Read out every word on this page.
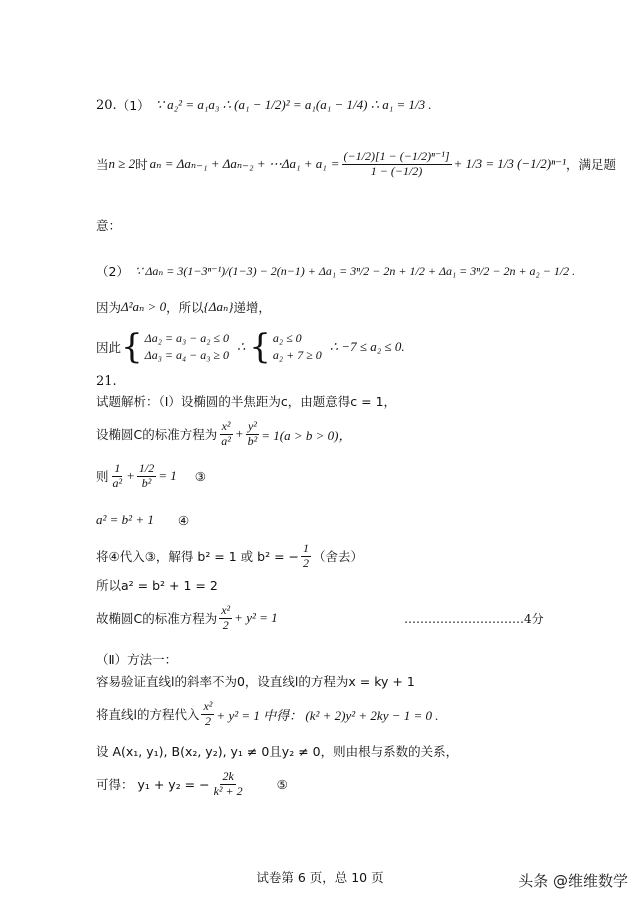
20. （1） ∵ a₂² = a₁a₃ ∴ (a₁ − 1/2)² = a₁(a₁ − 1/4) ∴ a₁ = 1/3 .
当 n ≥ 2 时 aₙ = Δaₙ₋₁ + Δaₙ₋₂ + ⋯Δa₁ + $a_1 = \frac{\text{(−1/2)[1 − (−1/2)ⁿ⁻¹]}}{1 - (-1/2)} + 1/3 = 1/3$ (−1/2)ⁿ⁻¹ ，满足题
意：
（2） ∵ Δaₙ = 3(1−3ⁿ⁻¹)/(1−3) − 2(n−1) + Δa₁ = 3ⁿ/2 − 2n + 1/2 + Δa₁ = 3ⁿ/2 − 2n + a₂ − 1/2 .
因为 Δ²aₙ > 0 ，所以 {Δaₙ} 递增，
因此 { Δa₂ = a₃ − a₂ ≤ 0
Δa₃ = a₄ − a₃ ≥ 0
∴ { a₂ ≤ 0
a₂ + 7 ≥ 0
∴ −7 ≤ a₂ ≤ 0.
21.
试题解析：（Ⅰ）设椭圆的半焦距为c，由题意得c = 1，
设椭圆C的标准方程为 $\frac{\text{x²}}{\text{a²}} + \frac{\text{y²}}{\text{b²}} = 1(a > b > 0)$，
则 $\frac{1}{\text{a²}} + \frac{1/2}{\text{b²}} = 1$ ③
a² = b² + 1 ④
将④代入③，解得 b² = 1 或 b² = − $\frac{1}{2}$ （舍去）
所以a² = b² + 1 = 2
故椭圆C的标准方程为 $\frac{\text{x²}}{2} + y^2 = 1$	…………………………4分
（Ⅱ）方法一：
容易验证直线l的斜率不为0，设直线l的方程为x = ky + 1
将直线l的方程代入 $\frac{\text{x²}}{2} + y^2 = 1$ 中得： (k² + 2)y² + 2ky − 1 = 0 .
设 A(x₁, y₁), B(x₂, y₂), y₁ ≠ 0且y₂ ≠ 0，则由根与系数的关系，
可得： y₁ + y₂ = − $\frac{2k}{\text{k² + 2}}$	⑤
试卷第 6 页，总 10 页	头条 @维维数学
